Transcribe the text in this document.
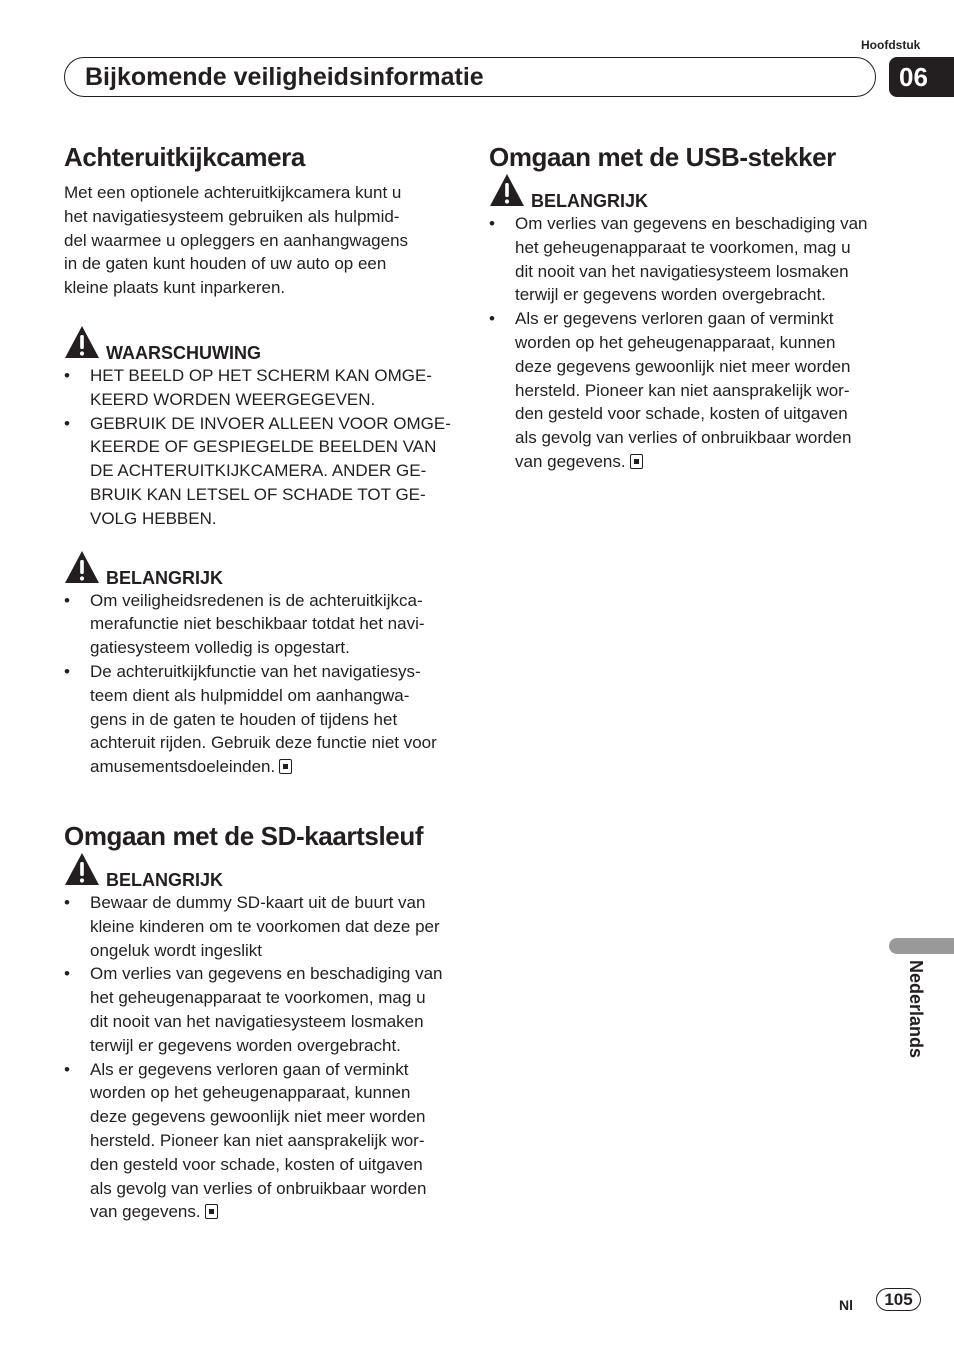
Hoofdstuk
Bijkomende veiligheidsinformatie	06
Achteruitkijkcamera

Met een optionele achteruitkijkcamera kunt u
het navigatiesysteem gebruiken als hulpmid-
del waarmee u opleggers en aanhangwagens
in de gaten kunt houden of uw auto op een
kleine plaats kunt inparkeren.

WAARSCHUWING
• HET BEELD OP HET SCHERM KAN OMGE-
KEERD WORDEN WEERGEGEVEN.
• GEBRUIK DE INVOER ALLEEN VOOR OMGE-
KEERDE OF GESPIEGELDE BEELDEN VAN
DE ACHTERUITKIJKCAMERA. ANDER GE-
BRUIK KAN LETSEL OF SCHADE TOT GE-
VOLG HEBBEN.
BELANGRIJK
• Om veiligheidsredenen is de achteruitkijkca-
merafunctie niet beschikbaar totdat het navi-
gatiesysteem volledig is opgestart.
• De achteruitkijkfunctie van het navigatiesys-
teem dient als hulpmiddel om aanhangwa-
gens in de gaten te houden of tijdens het
achteruit rijden. Gebruik deze functie niet voor
amusementsdoeleinden.
Omgaan met de SD-kaartsleuf
BELANGRIJK
• Bewaar de dummy SD-kaart uit de buurt van
kleine kinderen om te voorkomen dat deze per
ongeluk wordt ingeslikt
• Om verlies van gegevens en beschadiging van
het geheugenapparaat te voorkomen, mag u
dit nooit van het navigatiesysteem losmaken
terwijl er gegevens worden overgebracht.
• Als er gegevens verloren gaan of verminkt
worden op het geheugenapparaat, kunnen
deze gegevens gewoonlijk niet meer worden
hersteld. Pioneer kan niet aansprakelijk wor-
den gesteld voor schade, kosten of uitgaven
als gevolg van verlies of onbruikbaar worden
van gegevens.
Omgaan met de USB-stekker
BELANGRIJK
• Om verlies van gegevens en beschadiging van
het geheugenapparaat te voorkomen, mag u
dit nooit van het navigatiesysteem losmaken
terwijl er gegevens worden overgebracht.
• Als er gegevens verloren gaan of verminkt
worden op het geheugenapparaat, kunnen
deze gegevens gewoonlijk niet meer worden
hersteld. Pioneer kan niet aansprakelijk wor-
den gesteld voor schade, kosten of uitgaven
als gevolg van verlies of onbruikbaar worden
van gegevens.
Nederlands
Nl	105
